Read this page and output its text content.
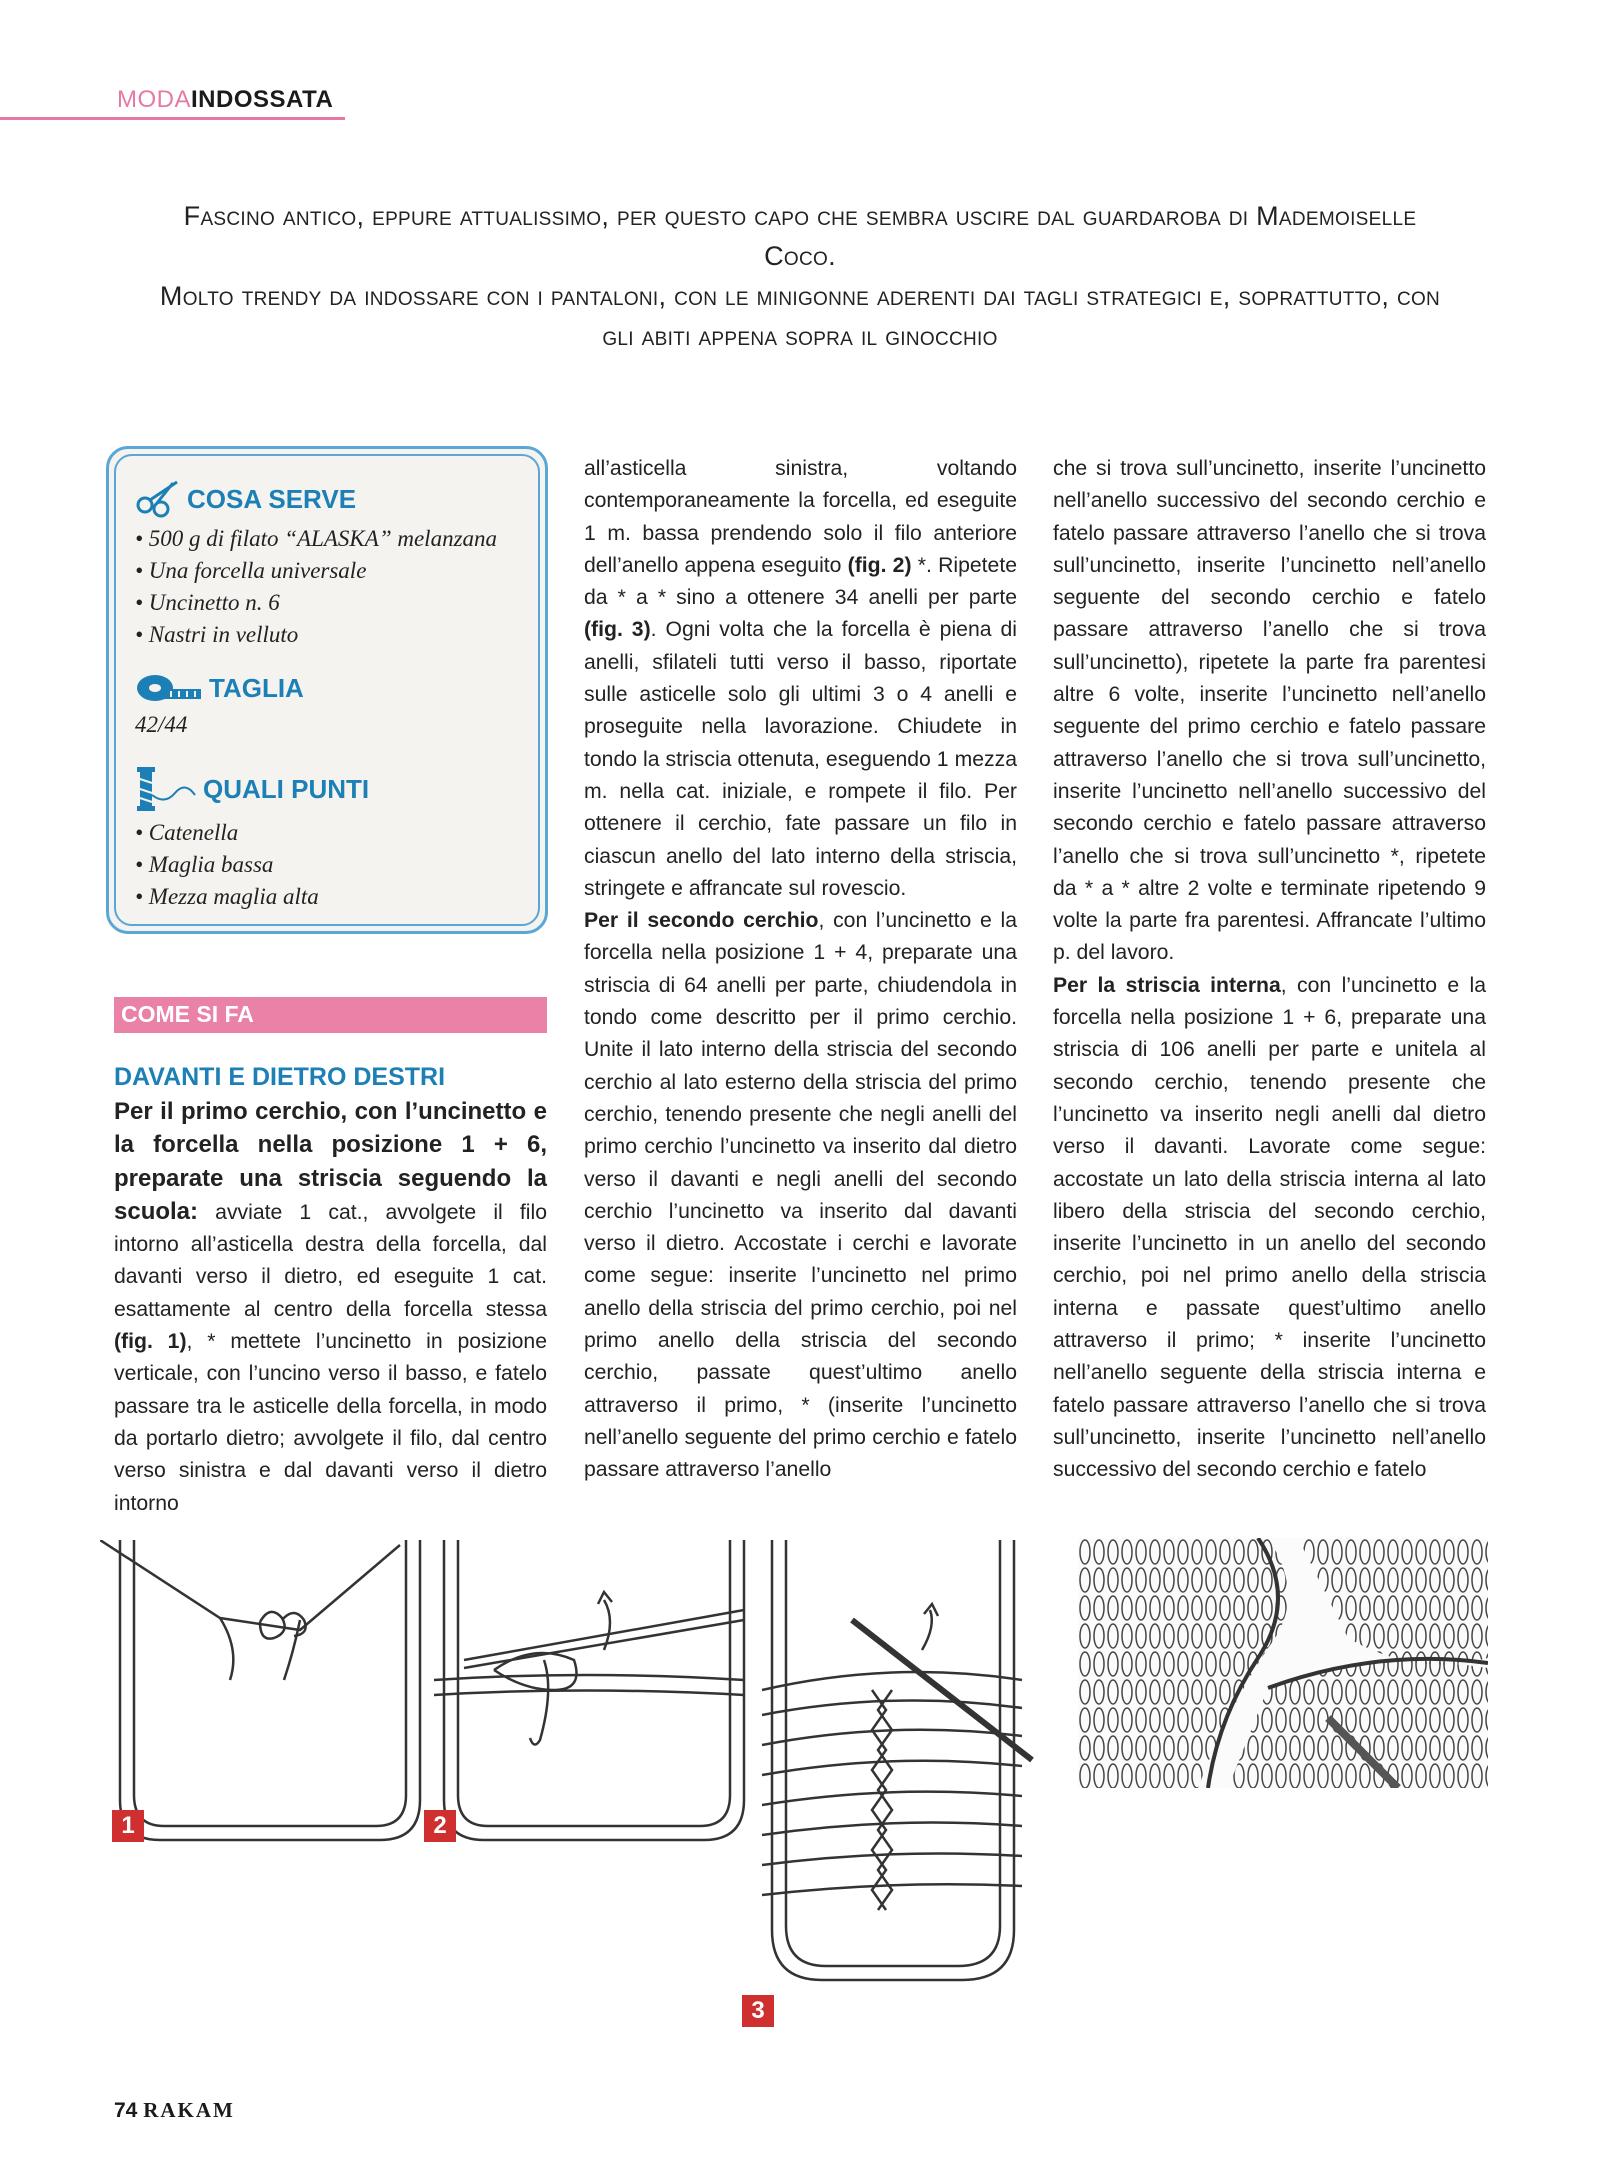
MODAINDOSSATA

Fascino antico, eppure attualissimo, per questo capo che sembra uscire dal guardaroba di Mademoiselle Coco.

Molto trendy da indossare con i pantaloni, con le minigonne aderenti dai tagli strategici e, soprattutto, con gli abiti appena sopra il ginocchio

COSA SERVE
• 500 g di filato “ALASKA” melanzana
• Una forcella universale
• Uncinetto n. 6
• Nastri in velluto
TAGLIA
42/44
QUALI PUNTI
• Catenella
• Maglia bassa
• Mezza maglia alta
COME SI FA
DAVANTI E DIETRO DESTRI

Per il primo cerchio, con l’uncinetto e la forcella nella posizione 1 + 6, preparate una striscia seguendo la scuola: avviate 1 cat., avvolgete il filo intorno all’asticella destra della forcella, dal davanti verso il dietro, ed eseguite 1 cat. esattamente al centro della forcella stessa (fig. 1), * mettete l’uncinetto in posizione verticale, con l’uncino verso il basso, e fatelo passare tra le asticelle della forcella, in modo da portarlo dietro; avvolgete il filo, dal centro verso sinistra e dal davanti verso il dietro intorno

all’asticella sinistra, voltando contemporaneamente la forcella, ed eseguite 1 m. bassa prendendo solo il filo anteriore dell’anello appena eseguito (fig. 2) *. Ripetete da * a * sino a ottenere 34 anelli per parte (fig. 3). Ogni volta che la forcella è piena di anelli, sfilateli tutti verso il basso, riportate sulle asticelle solo gli ultimi 3 o 4 anelli e proseguite nella lavorazione. Chiudete in tondo la striscia ottenuta, eseguendo 1 mezza m. nella cat. iniziale, e rompete il filo. Per ottenere il cerchio, fate passare un filo in ciascun anello del lato interno della striscia, stringete e affrancate sul rovescio.

Per il secondo cerchio, con l’uncinetto e la forcella nella posizione 1 + 4, preparate una striscia di 64 anelli per parte, chiudendola in tondo come descritto per il primo cerchio. Unite il lato interno della striscia del secondo cerchio al lato esterno della striscia del primo cerchio, tenendo presente che negli anelli del primo cerchio l’uncinetto va inserito dal dietro verso il davanti e negli anelli del secondo cerchio l’uncinetto va inserito dal davanti verso il dietro. Accostate i cerchi e lavorate come segue: inserite l’uncinetto nel primo anello della striscia del primo cerchio, poi nel primo anello della striscia del secondo cerchio, passate quest’ultimo anello attraverso il primo, * (inserite l’uncinetto nell’anello seguente del primo cerchio e fatelo passare attraverso l’anello

che si trova sull’uncinetto, inserite l’uncinetto nell’anello successivo del secondo cerchio e fatelo passare attraverso l’anello che si trova sull’uncinetto, inserite l’uncinetto nell’anello seguente del secondo cerchio e fatelo passare attraverso l’anello che si trova sull’uncinetto), ripetete la parte fra parentesi altre 6 volte, inserite l’uncinetto nell’anello seguente del primo cerchio e fatelo passare attraverso l’anello che si trova sull’uncinetto, inserite l’uncinetto nell’anello successivo del secondo cerchio e fatelo passare attraverso l’anello che si trova sull’uncinetto *, ripetete da * a * altre 2 volte e terminate ripetendo 9 volte la parte fra parentesi. Affrancate l’ultimo p. del lavoro.

Per la striscia interna, con l’uncinetto e la forcella nella posizione 1 + 6, preparate una striscia di 106 anelli per parte e unitela al secondo cerchio, tenendo presente che l’uncinetto va inserito negli anelli dal dietro verso il davanti. Lavorate come segue: accostate un lato della striscia interna al lato libero della striscia del secondo cerchio, inserite l’uncinetto in un anello del secondo cerchio, poi nel primo anello della striscia interna e passate quest’ultimo anello attraverso il primo; * inserite l’uncinetto nell’anello seguente della striscia interna e fatelo passare attraverso l’anello che si trova sull’uncinetto, inserite l’uncinetto nell’anello successivo del secondo cerchio e fatelo

1	2
3
74 RAKAM
